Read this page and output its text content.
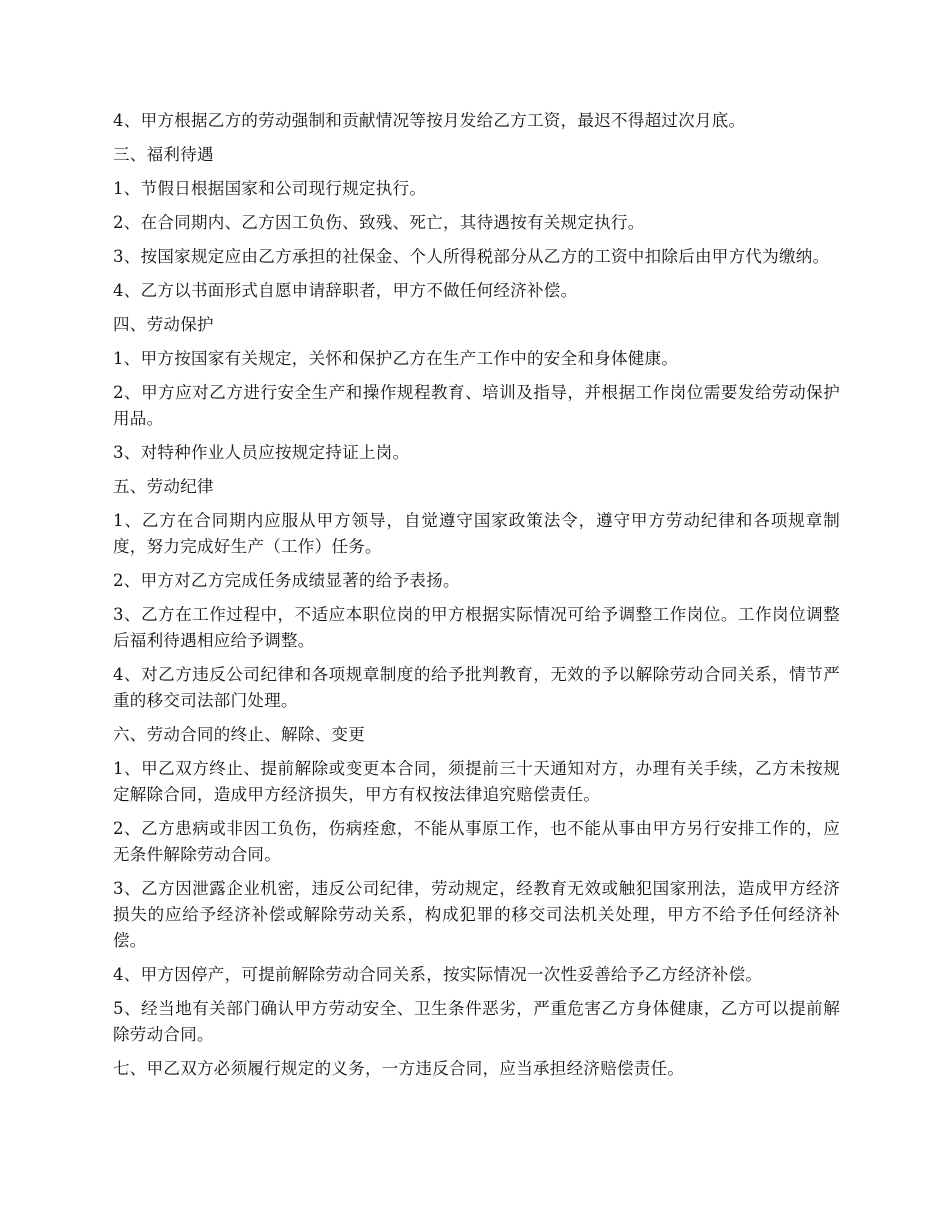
4、甲方根据乙方的劳动强制和贡献情况等按月发给乙方工资，最迟不得超过次月底。

三、福利待遇

1、节假日根据国家和公司现行规定执行。

2、在合同期内、乙方因工负伤、致残、死亡，其待遇按有关规定执行。

3、按国家规定应由乙方承担的社保金、个人所得税部分从乙方的工资中扣除后由甲方代为缴纳。

4、乙方以书面形式自愿申请辞职者，甲方不做任何经济补偿。

四、劳动保护

1、甲方按国家有关规定，关怀和保护乙方在生产工作中的安全和身体健康。

2、甲方应对乙方进行安全生产和操作规程教育、培训及指导，并根据工作岗位需要发给劳动保护用品。

3、对特种作业人员应按规定持证上岗。

五、劳动纪律

1、乙方在合同期内应服从甲方领导，自觉遵守国家政策法令，遵守甲方劳动纪律和各项规章制度，努力完成好生产（工作）任务。

2、甲方对乙方完成任务成绩显著的给予表扬。

3、乙方在工作过程中，不适应本职位岗的甲方根据实际情况可给予调整工作岗位。工作岗位调整后福利待遇相应给予调整。

4、对乙方违反公司纪律和各项规章制度的给予批判教育，无效的予以解除劳动合同关系，情节严重的移交司法部门处理。

六、劳动合同的终止、解除、变更

1、甲乙双方终止、提前解除或变更本合同，须提前三十天通知对方，办理有关手续，乙方未按规定解除合同，造成甲方经济损失，甲方有权按法律追究赔偿责任。

2、乙方患病或非因工负伤，伤病痊愈，不能从事原工作，也不能从事由甲方另行安排工作的，应无条件解除劳动合同。

3、乙方因泄露企业机密，违反公司纪律，劳动规定，经教育无效或触犯国家刑法，造成甲方经济损失的应给予经济补偿或解除劳动关系，构成犯罪的移交司法机关处理，甲方不给予任何经济补偿。

4、甲方因停产，可提前解除劳动合同关系，按实际情况一次性妥善给予乙方经济补偿。

5、经当地有关部门确认甲方劳动安全、卫生条件恶劣，严重危害乙方身体健康，乙方可以提前解除劳动合同。

七、甲乙双方必须履行规定的义务，一方违反合同，应当承担经济赔偿责任。
